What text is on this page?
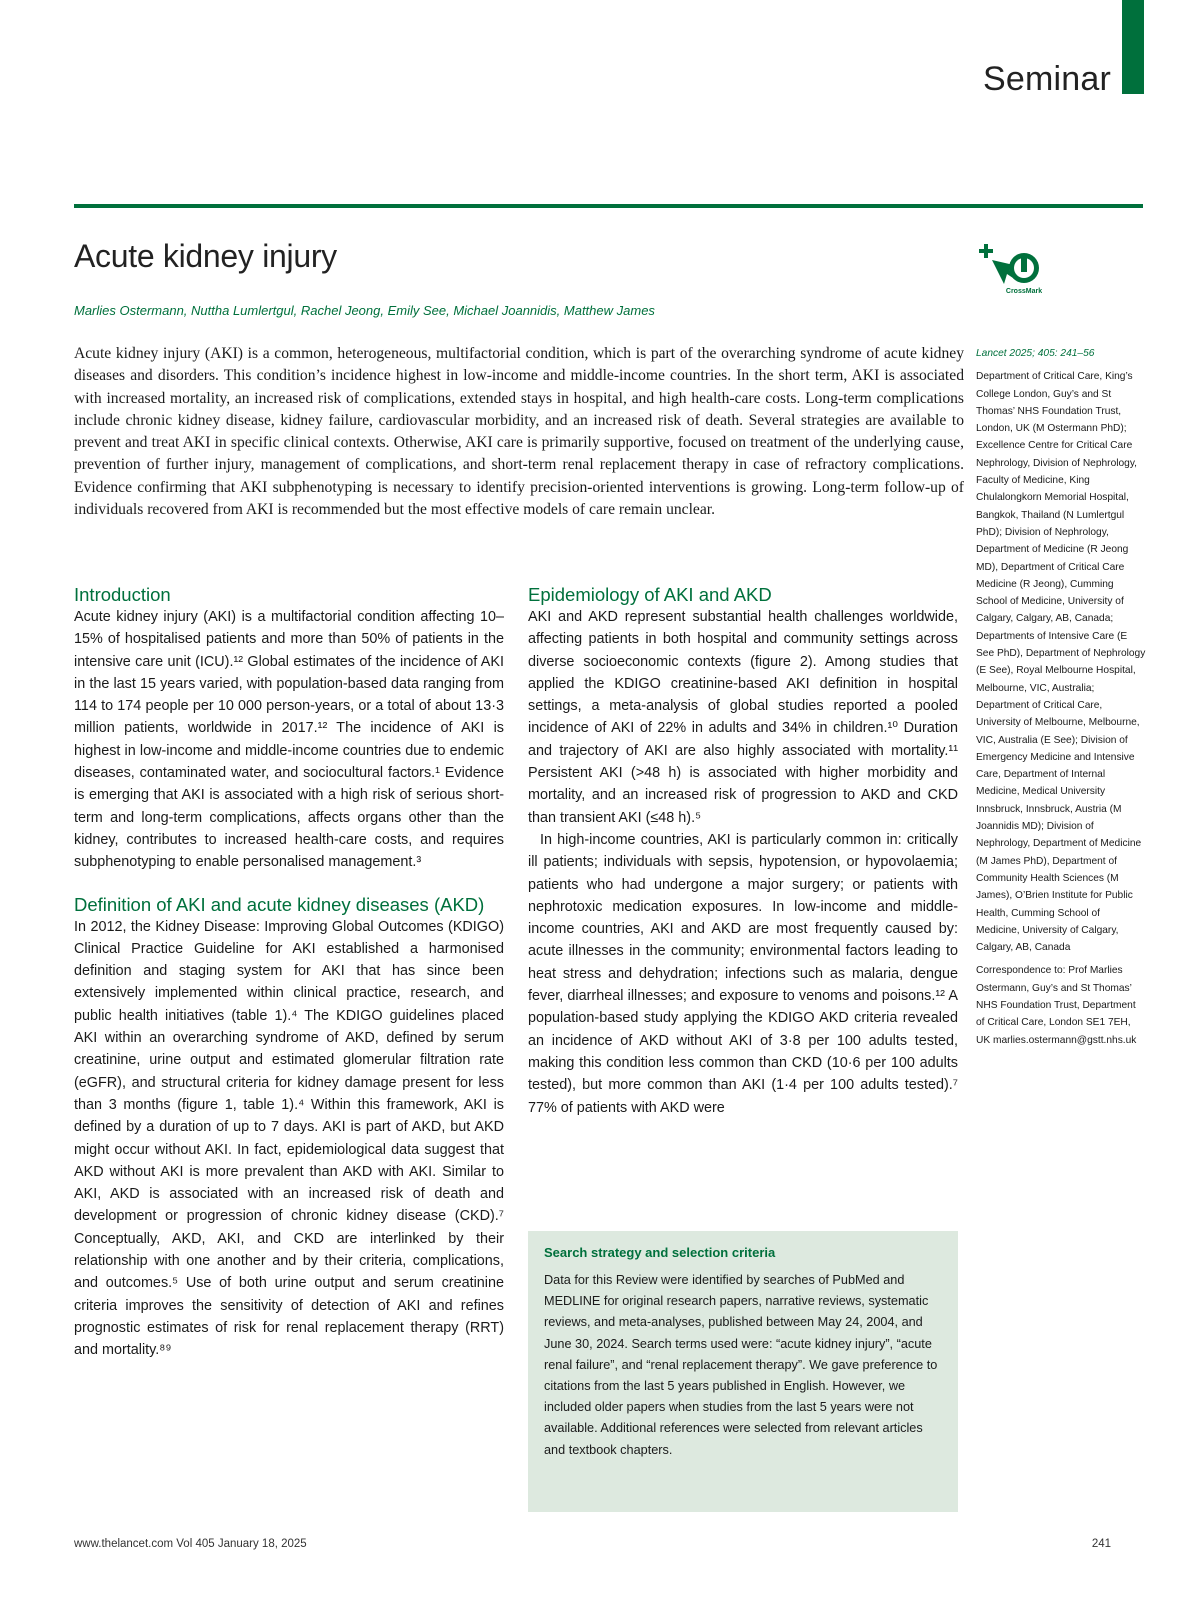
Seminar
Acute kidney injury
CrossMark
Marlies Ostermann, Nuttha Lumlertgul, Rachel Jeong, Emily See, Michael Joannidis, Matthew James

Acute kidney injury (AKI) is a common, heterogeneous, multifactorial condition, which is part of the overarching syndrome of acute kidney diseases and disorders. This condition’s incidence highest in low-income and middle-income countries. In the short term, AKI is associated with increased mortality, an increased risk of complications, extended stays in hospital, and high health-care costs. Long-term complications include chronic kidney disease, kidney failure, cardiovascular morbidity, and an increased risk of death. Several strategies are available to prevent and treat AKI in specific clinical contexts. Otherwise, AKI care is primarily supportive, focused on treatment of the underlying cause, prevention of further injury, management of complications, and short-term renal replacement therapy in case of refractory complications. Evidence confirming that AKI subphenotyping is necessary to identify precision-oriented interventions is growing. Long-term follow-up of individuals recovered from AKI is recommended but the most effective models of care remain unclear.

Lancet 2025; 405: 241–56

Department of Critical Care, King’s College London, Guy’s and St Thomas’ NHS Foundation Trust, London, UK (M Ostermann PhD); Excellence Centre for Critical Care Nephrology, Division of Nephrology, Faculty of Medicine, King Chulalongkorn Memorial Hospital, Bangkok, Thailand (N Lumlertgul PhD); Division of Nephrology, Department of Medicine (R Jeong MD), Department of Critical Care Medicine (R Jeong), Cumming School of Medicine, University of Calgary, Calgary, AB, Canada; Departments of Intensive Care (E See PhD), Department of Nephrology (E See), Royal Melbourne Hospital, Melbourne, VIC, Australia; Department of Critical Care, University of Melbourne, Melbourne, VIC, Australia (E See); Division of Emergency Medicine and Intensive Care, Department of Internal Medicine, Medical University Innsbruck, Innsbruck, Austria (M Joannidis MD); Division of Nephrology, Department of Medicine (M James PhD), Department of Community Health Sciences (M James), O’Brien Institute for Public Health, Cumming School of Medicine, University of Calgary, Calgary, AB, Canada

Correspondence to: Prof Marlies Ostermann, Guy’s and St Thomas’ NHS Foundation Trust, Department of Critical Care, London SE1 7EH, UK marlies.ostermann@gstt.nhs.uk

Introduction

Acute kidney injury (AKI) is a multifactorial condition affecting 10–15% of hospitalised patients and more than 50% of patients in the intensive care unit (ICU).¹² Global estimates of the incidence of AKI in the last 15 years varied, with population-based data ranging from 114 to 174 people per 10 000 person-years, or a total of about 13·3 million patients, worldwide in 2017.¹² The incidence of AKI is highest in low-income and middle-income countries due to endemic diseases, contaminated water, and sociocultural factors.¹ Evidence is emerging that AKI is associated with a high risk of serious short-term and long-term complications, affects organs other than the kidney, contributes to increased health-care costs, and requires subphenotyping to enable personalised management.³

Definition of AKI and acute kidney diseases (AKD)

In 2012, the Kidney Disease: Improving Global Outcomes (KDIGO) Clinical Practice Guideline for AKI established a harmonised definition and staging system for AKI that has since been extensively implemented within clinical practice, research, and public health initiatives (table 1).⁴ The KDIGO guidelines placed AKI within an overarching syndrome of AKD, defined by serum creatinine, urine output and estimated glomerular filtration rate (eGFR), and structural criteria for kidney damage present for less than 3 months (figure 1, table 1).⁴ Within this framework, AKI is defined by a duration of up to 7 days. AKI is part of AKD, but AKD might occur without AKI. In fact, epidemiological data suggest that AKD without AKI is more prevalent than AKD with AKI. Similar to AKI, AKD is associated with an increased risk of death and development or progression of chronic kidney disease (CKD).⁷ Conceptually, AKD, AKI, and CKD are interlinked by their relationship with one another and by their criteria, complications, and outcomes.⁵ Use of both urine output and serum creatinine criteria improves the sensitivity of detection of AKI and refines prognostic estimates of risk for renal replacement therapy (RRT) and mortality.⁸⁹

Epidemiology of AKI and AKD

AKI and AKD represent substantial health challenges worldwide, affecting patients in both hospital and community settings across diverse socioeconomic contexts (figure 2). Among studies that applied the KDIGO creatinine-based AKI definition in hospital settings, a meta-analysis of global studies reported a pooled incidence of AKI of 22% in adults and 34% in children.¹⁰ Duration and trajectory of AKI are also highly associated with mortality.¹¹ Persistent AKI (>48 h) is associated with higher morbidity and mortality, and an increased risk of progression to AKD and CKD than transient AKI (≤48 h).⁵

In high-income countries, AKI is particularly common in: critically ill patients; individuals with sepsis, hypotension, or hypovolaemia; patients who had undergone a major surgery; or patients with nephrotoxic medication exposures. In low-income and middle-income countries, AKI and AKD are most frequently caused by: acute illnesses in the community; environmental factors leading to heat stress and dehydration; infections such as malaria, dengue fever, diarrheal illnesses; and exposure to venoms and poisons.¹² A population-based study applying the KDIGO AKD criteria revealed an incidence of AKD without AKI of 3·8 per 100 adults tested, making this condition less common than CKD (10·6 per 100 adults tested), but more common than AKI (1·4 per 100 adults tested).⁷ 77% of patients with AKD were

Search strategy and selection criteria

Data for this Review were identified by searches of PubMed and MEDLINE for original research papers, narrative reviews, systematic reviews, and meta-analyses, published between May 24, 2004, and June 30, 2024. Search terms used were: “acute kidney injury”, “acute renal failure”, and “renal replacement therapy”. We gave preference to citations from the last 5 years published in English. However, we included older papers when studies from the last 5 years were not available. Additional references were selected from relevant articles and textbook chapters.

www.thelancet.com Vol 405 January 18, 2025	241
